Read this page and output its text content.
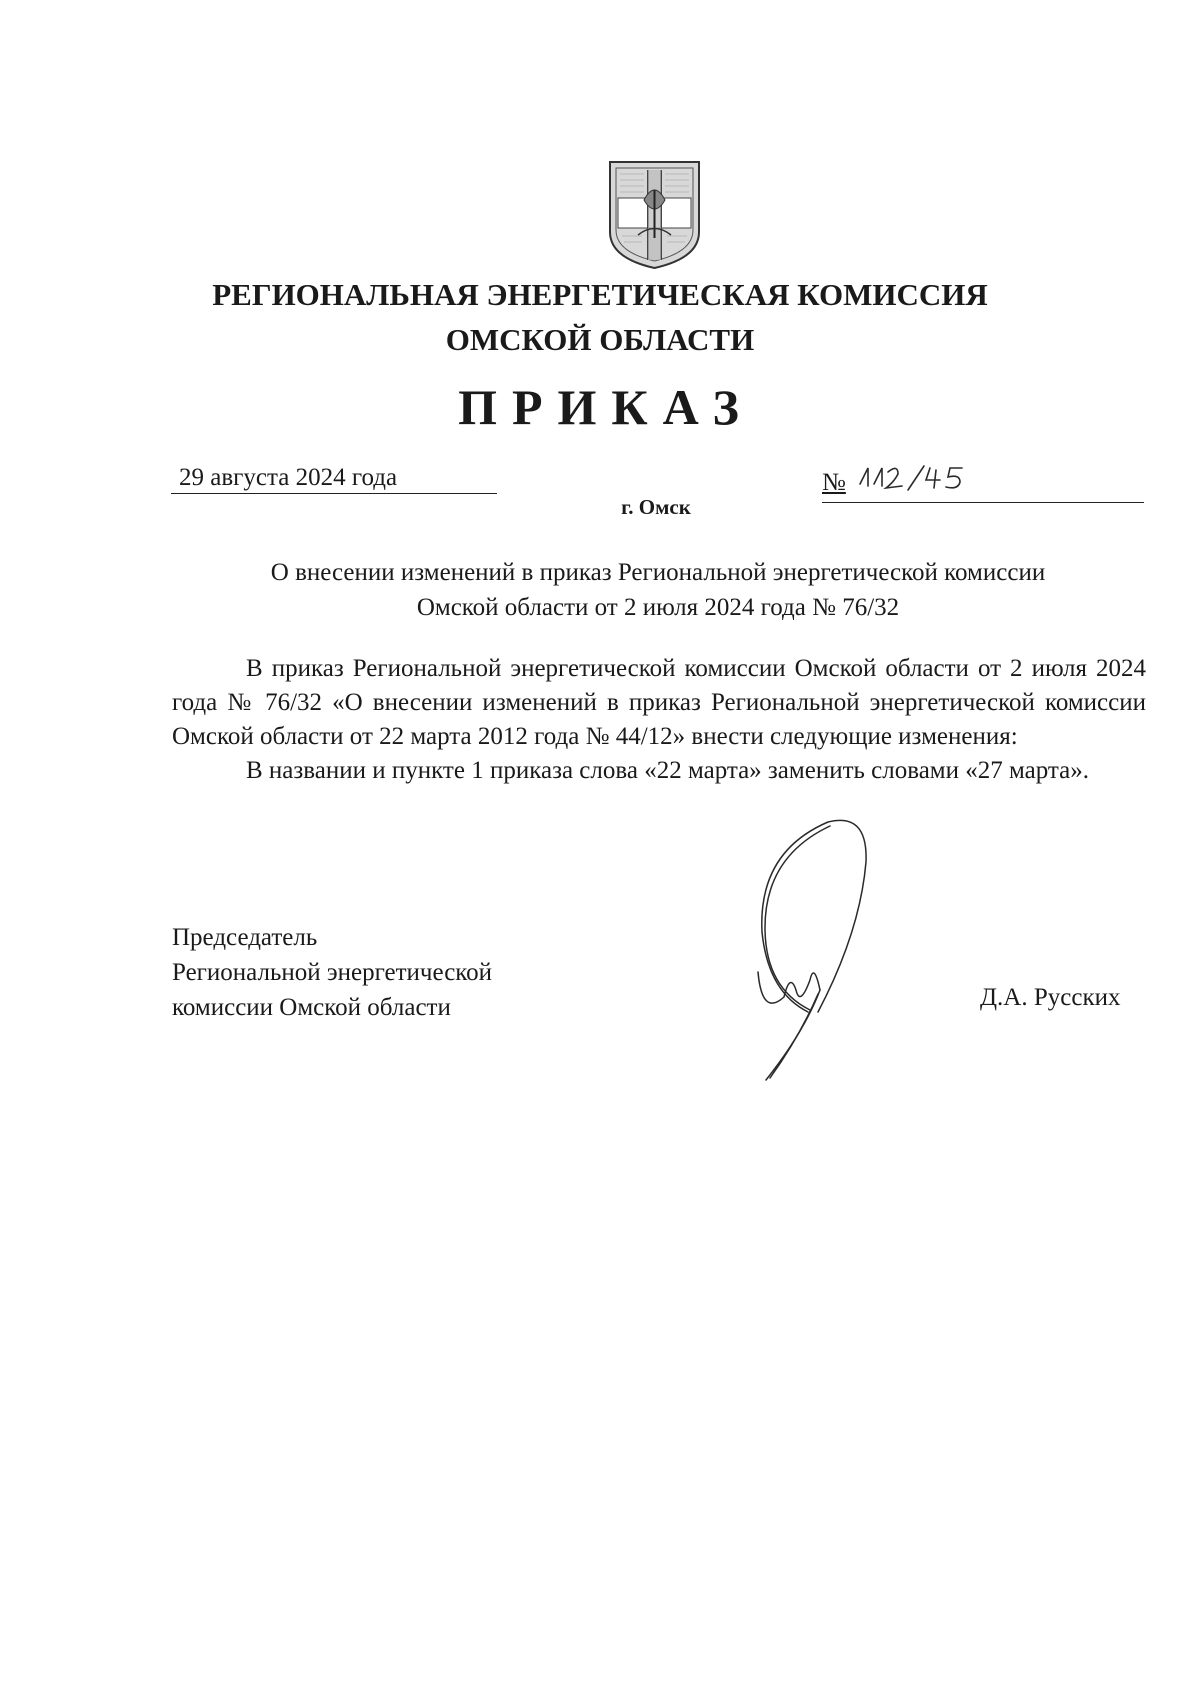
РЕГИОНАЛЬНАЯ ЭНЕРГЕТИЧЕСКАЯ КОМИССИЯ
ОМСКОЙ ОБЛАСТИ
ПРИКАЗ
29 августа 2024 года	№
г. Омск
О внесении изменений в приказ Региональной энергетической комиссии
Омской области от 2 июля 2024 года № 76/32

В приказ Региональной энергетической комиссии Омской области от 2 июля 2024 года № 76/32 «О внесении изменений в приказ Региональной энергетической комиссии Омской области от 22 марта 2012 года № 44/12» внести следующие изменения:

В названии и пункте 1 приказа слова «22 марта» заменить словами «27 марта».

Председатель
Региональной энергетической
комиссии Омской области	Д.А. Русских
